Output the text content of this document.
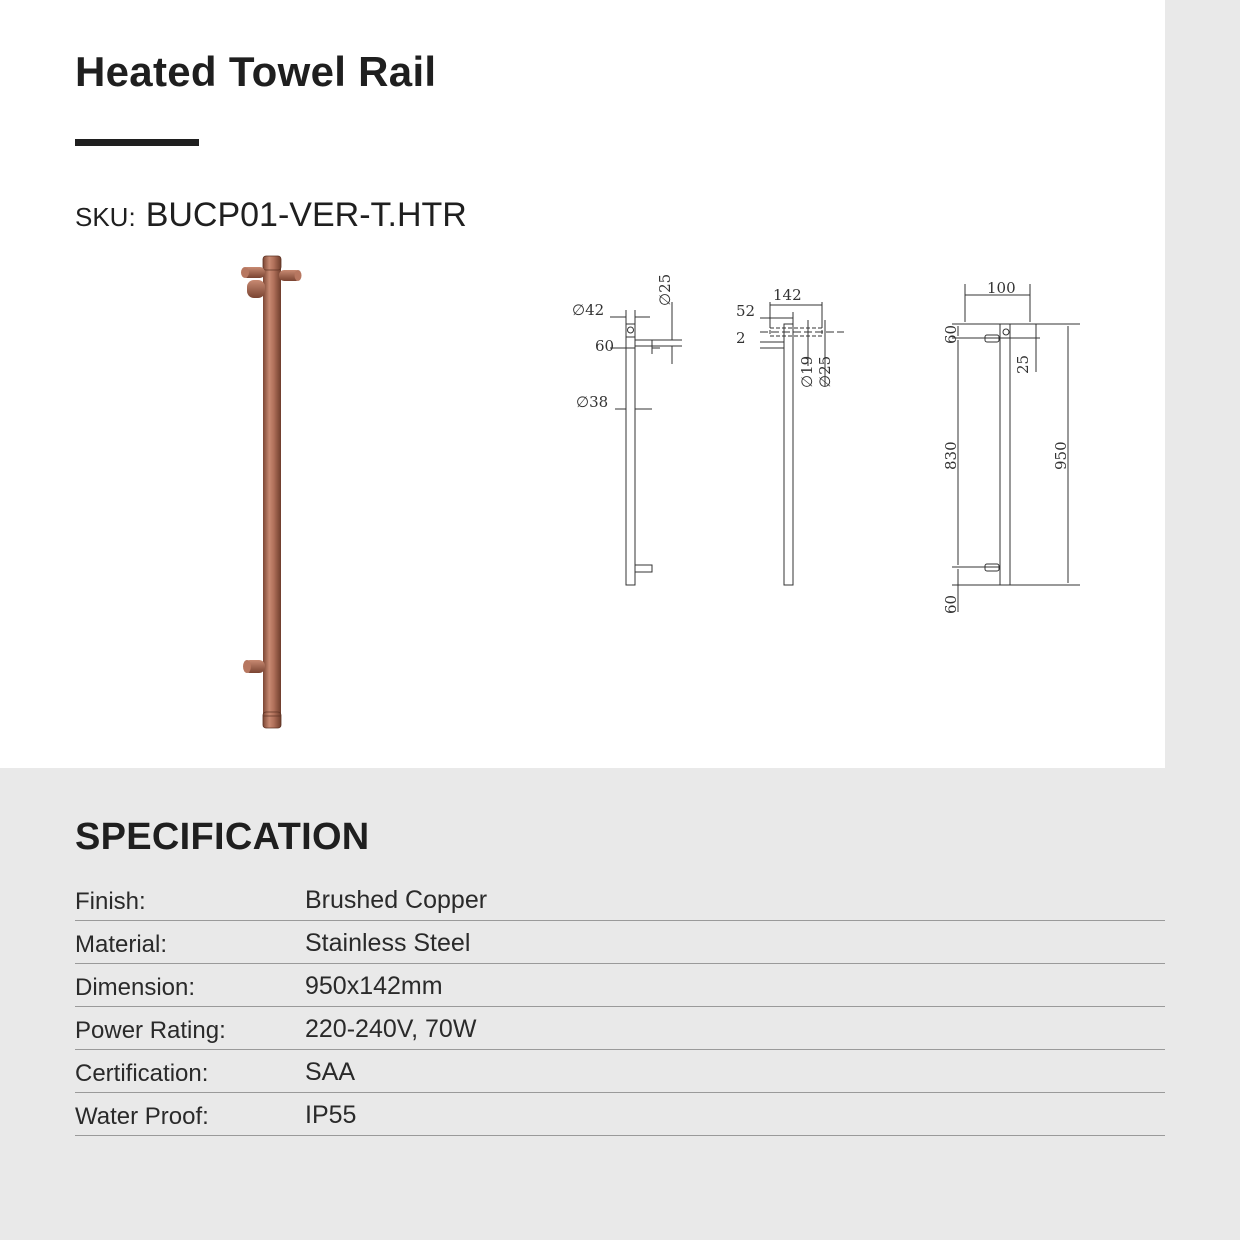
Heated Towel Rail
SKU: BUCP01-VER-T.HTR
∅42
60
∅38
∅25	142
52
2
∅19 ∅25
100
60
25
830	950
60
SPECIFICATION
Finish:	Brushed Copper
Material:	Stainless Steel
Dimension:	950x142mm
Power Rating:	220-240V, 70W
Certification:	SAA
Water Proof:	IP55
